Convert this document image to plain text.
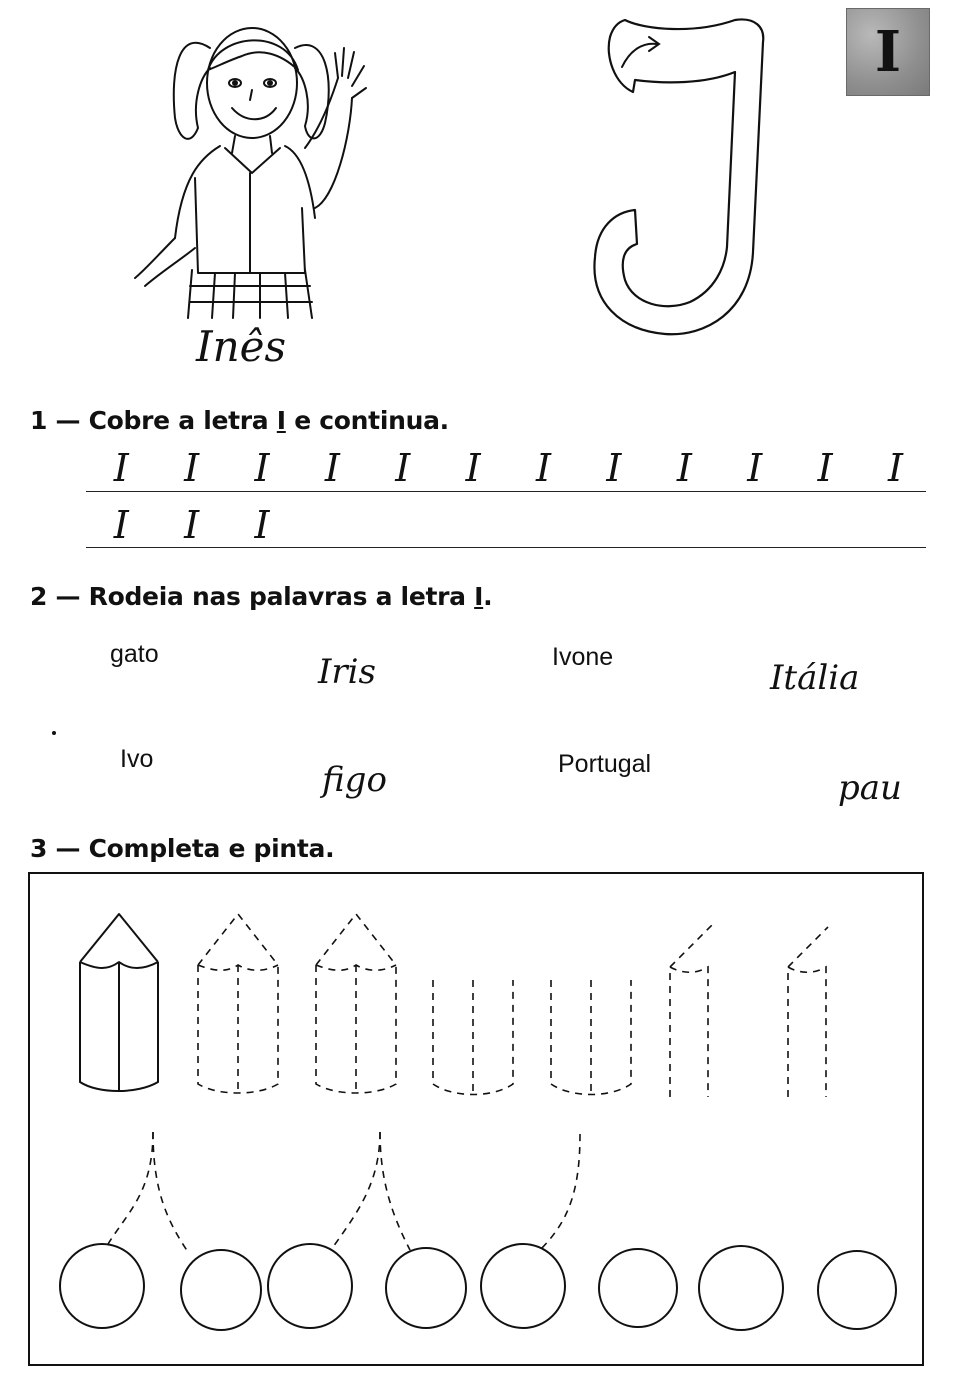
I
Inês
1 — Cobre a letra I e continua.
I	I	I	I	I	I	I	I	I	I	I	I
I	I	I
2 — Rodeia nas palavras a letra I.
gato	Iris	Ivone
Itália
Ivo
figo	Portugal
pau
3 — Completa e pinta.
